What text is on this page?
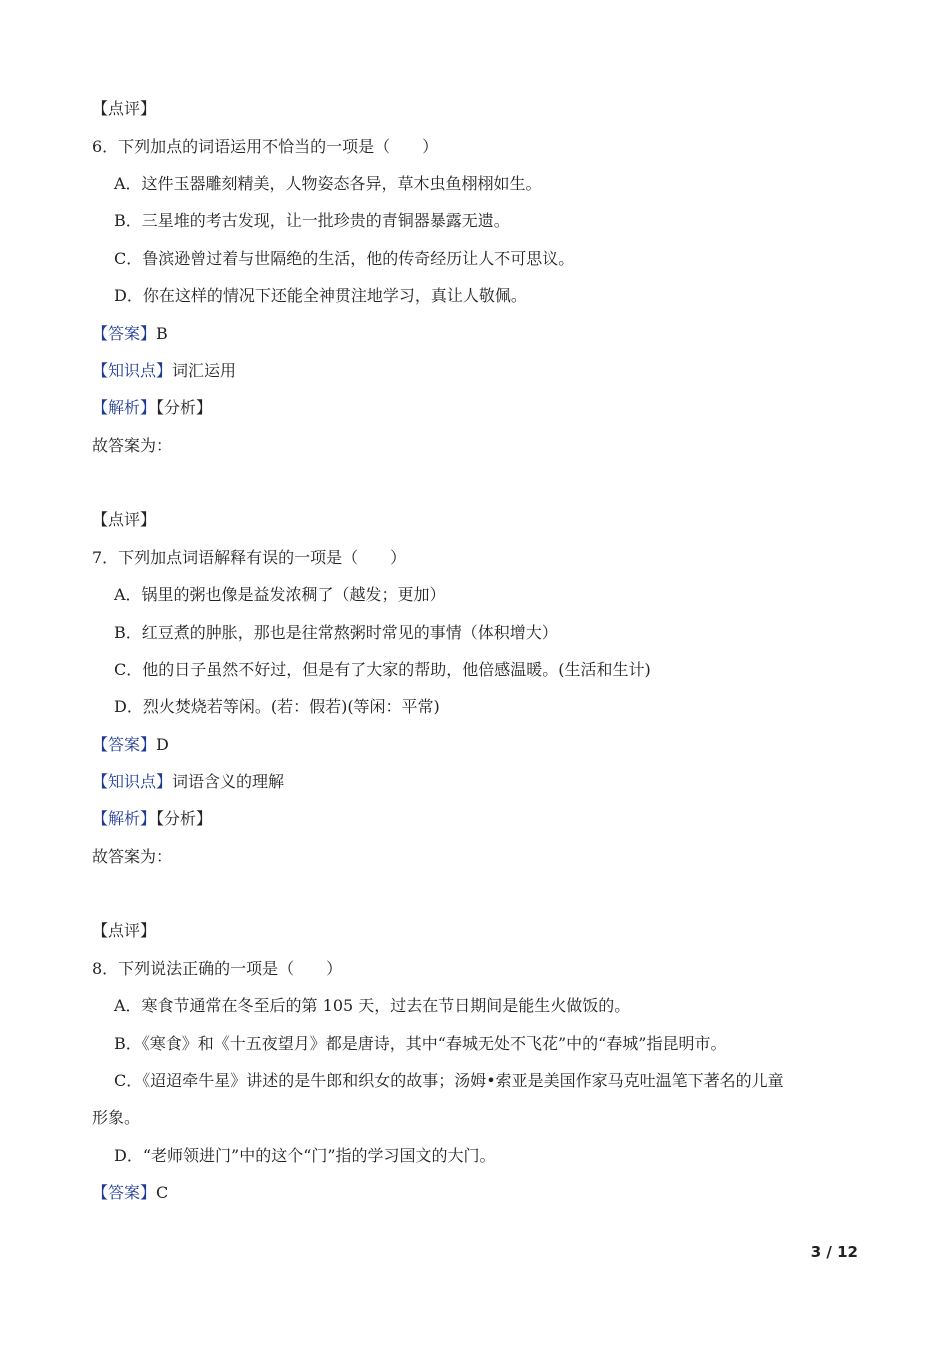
【点评】
6．下列加点的词语运用不恰当的一项是（　　）
A．这件玉器雕刻精美，人物姿态各异，草木虫鱼栩栩如生。
B．三星堆的考古发现，让一批珍贵的青铜器暴露无遗。
C．鲁滨逊曾过着与世隔绝的生活，他的传奇经历让人不可思议。
D．你在这样的情况下还能全神贯注地学习，真让人敬佩。
【答案】B
【知识点】词汇运用
【解析】【分析】
故答案为：
【点评】
7．下列加点词语解释有误的一项是（　　）
A．锅里的粥也像是益发浓稠了（越发；更加）
B．红豆煮的肿胀，那也是往常熬粥时常见的事情（体积增大）
C．他的日子虽然不好过，但是有了大家的帮助，他倍感温暖。(生活和生计)
D．烈火焚烧若等闲。(若：假若)(等闲：平常)
【答案】D
【知识点】词语含义的理解
【解析】【分析】
故答案为：
【点评】
8．下列说法正确的一项是（　　）
A．寒食节通常在冬至后的第 105 天，过去在节日期间是能生火做饭的。
B．《寒食》和《十五夜望月》都是唐诗，其中“春城无处不飞花”中的“春城”指昆明市。
C．《迢迢牵牛星》讲述的是牛郎和织女的故事；汤姆•索亚是美国作家马克吐温笔下著名的儿童
形象。
D．“老师领进门”中的这个“门”指的学习国文的大门。
【答案】C
3 / 12
